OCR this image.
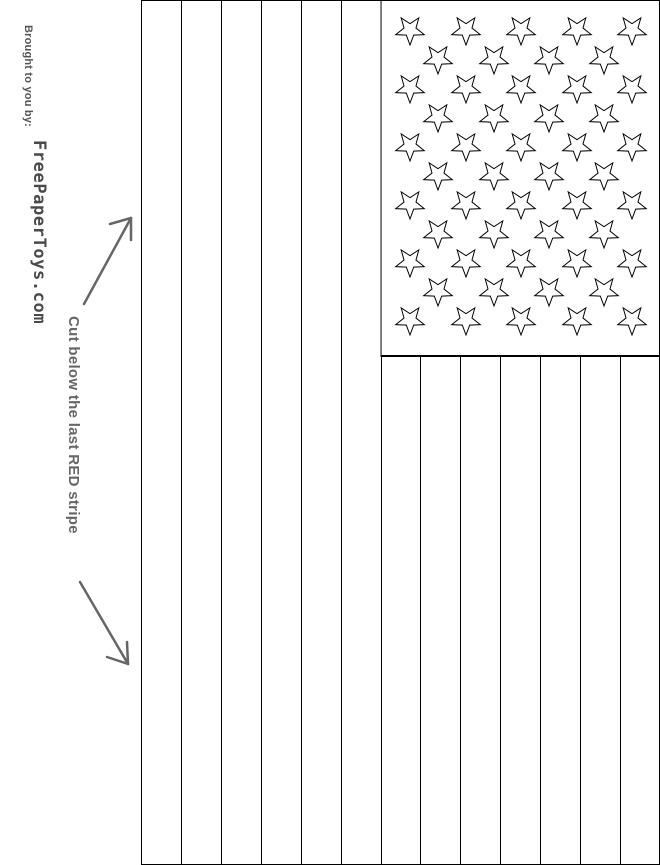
Brought to you by:
FreePaperToys.com
Cut below the last RED stripe
